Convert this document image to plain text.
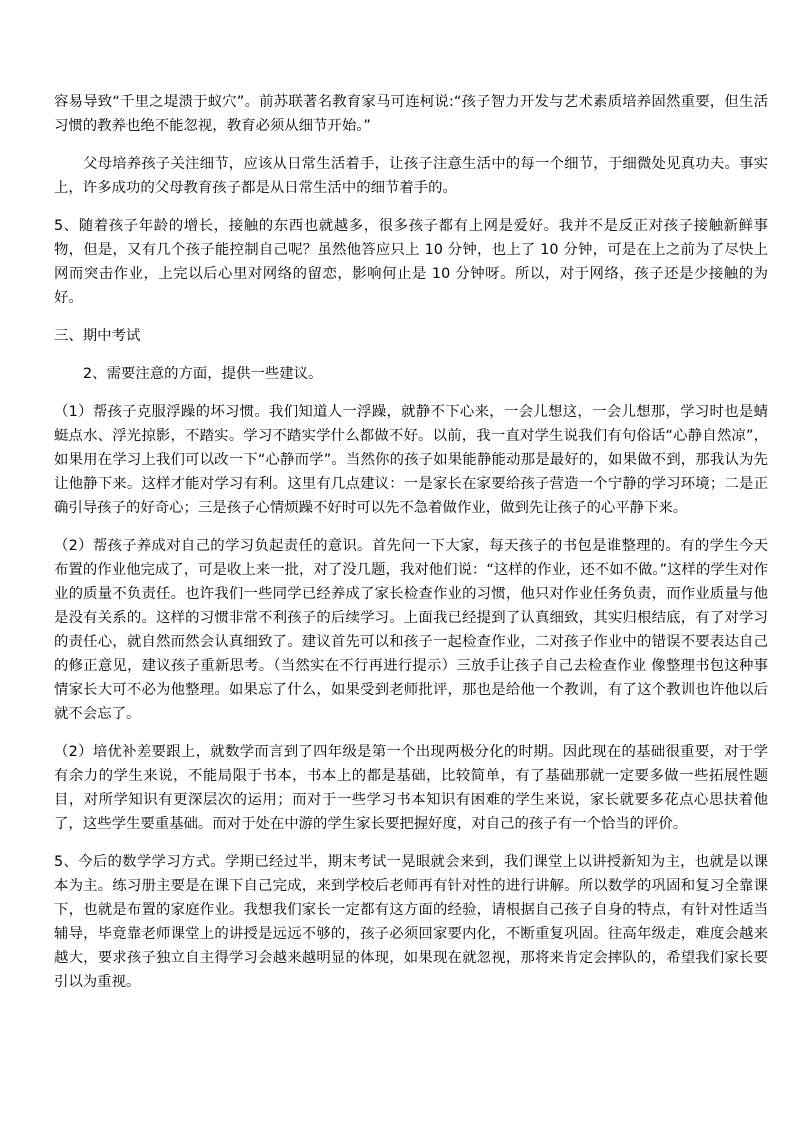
容易导致“千里之堤溃于蚁穴”。前苏联著名教育家马可连柯说:“孩子智力开发与艺术素质培养固然重要，但生活习惯的教养也绝不能忽视，教育必须从细节开始。”

父母培养孩子关注细节，应该从日常生活着手，让孩子注意生活中的每一个细节，于细微处见真功夫。事实上，许多成功的父母教育孩子都是从日常生活中的细节着手的。

5、随着孩子年龄的增长，接触的东西也就越多，很多孩子都有上网是爱好。我并不是反正对孩子接触新鲜事物，但是，又有几个孩子能控制自己呢？虽然他答应只上 10 分钟，也上了 10 分钟，可是在上之前为了尽快上网而突击作业，上完以后心里对网络的留恋，影响何止是 10 分钟呀。所以，对于网络，孩子还是少接触的为好。

三、期中考试

2、需要注意的方面，提供一些建议。

（1）帮孩子克服浮躁的坏习惯。我们知道人一浮躁，就静不下心来，一会儿想这，一会儿想那，学习时也是蜻蜓点水、浮光掠影，不踏实。学习不踏实学什么都做不好。以前，我一直对学生说我们有句俗话“心静自然凉”，如果用在学习上我们可以改一下“心静而学”。当然你的孩子如果能静能动那是最好的，如果做不到，那我认为先让他静下来。这样才能对学习有利。这里有几点建议：一是家长在家要给孩子营造一个宁静的学习环境；二是正确引导孩子的好奇心；三是孩子心情烦躁不好时可以先不急着做作业，做到先让孩子的心平静下来。

（2）帮孩子养成对自己的学习负起责任的意识。首先问一下大家，每天孩子的书包是谁整理的。有的学生今天布置的作业他完成了，可是收上来一批，对了没几题，我对他们说：“这样的作业，还不如不做。”这样的学生对作业的质量不负责任。也许我们一些同学已经养成了家长检查作业的习惯，他只对作业任务负责，而作业质量与他是没有关系的。这样的习惯非常不利孩子的后续学习。上面我已经提到了认真细致，其实归根结底，有了对学习的责任心，就自然而然会认真细致了。建议首先可以和孩子一起检查作业，二对孩子作业中的错误不要表达自己的修正意见，建议孩子重新思考。（当然实在不行再进行提示）三放手让孩子自己去检查作业 像整理书包这种事情家长大可不必为他整理。如果忘了什么，如果受到老师批评，那也是给他一个教训，有了这个教训也许他以后就不会忘了。

（2）培优补差要跟上，就数学而言到了四年级是第一个出现两极分化的时期。因此现在的基础很重要，对于学有余力的学生来说，不能局限于书本，书本上的都是基础，比较简单，有了基础那就一定要多做一些拓展性题目，对所学知识有更深层次的运用；而对于一些学习书本知识有困难的学生来说，家长就要多花点心思扶着他了，这些学生要重基础。而对于处在中游的学生家长要把握好度，对自己的孩子有一个恰当的评价。

5、今后的数学学习方式。学期已经过半，期末考试一晃眼就会来到，我们课堂上以讲授新知为主，也就是以课本为主。练习册主要是在课下自己完成，来到学校后老师再有针对性的进行讲解。所以数学的巩固和复习全靠课下，也就是布置的家庭作业。我想我们家长一定都有这方面的经验，请根据自己孩子自身的特点，有针对性适当辅导，毕竟靠老师课堂上的讲授是远远不够的，孩子必须回家要内化，不断重复巩固。往高年级走，难度会越来越大，要求孩子独立自主得学习会越来越明显的体现，如果现在就忽视，那将来肯定会摔队的，希望我们家长要引以为重视。
